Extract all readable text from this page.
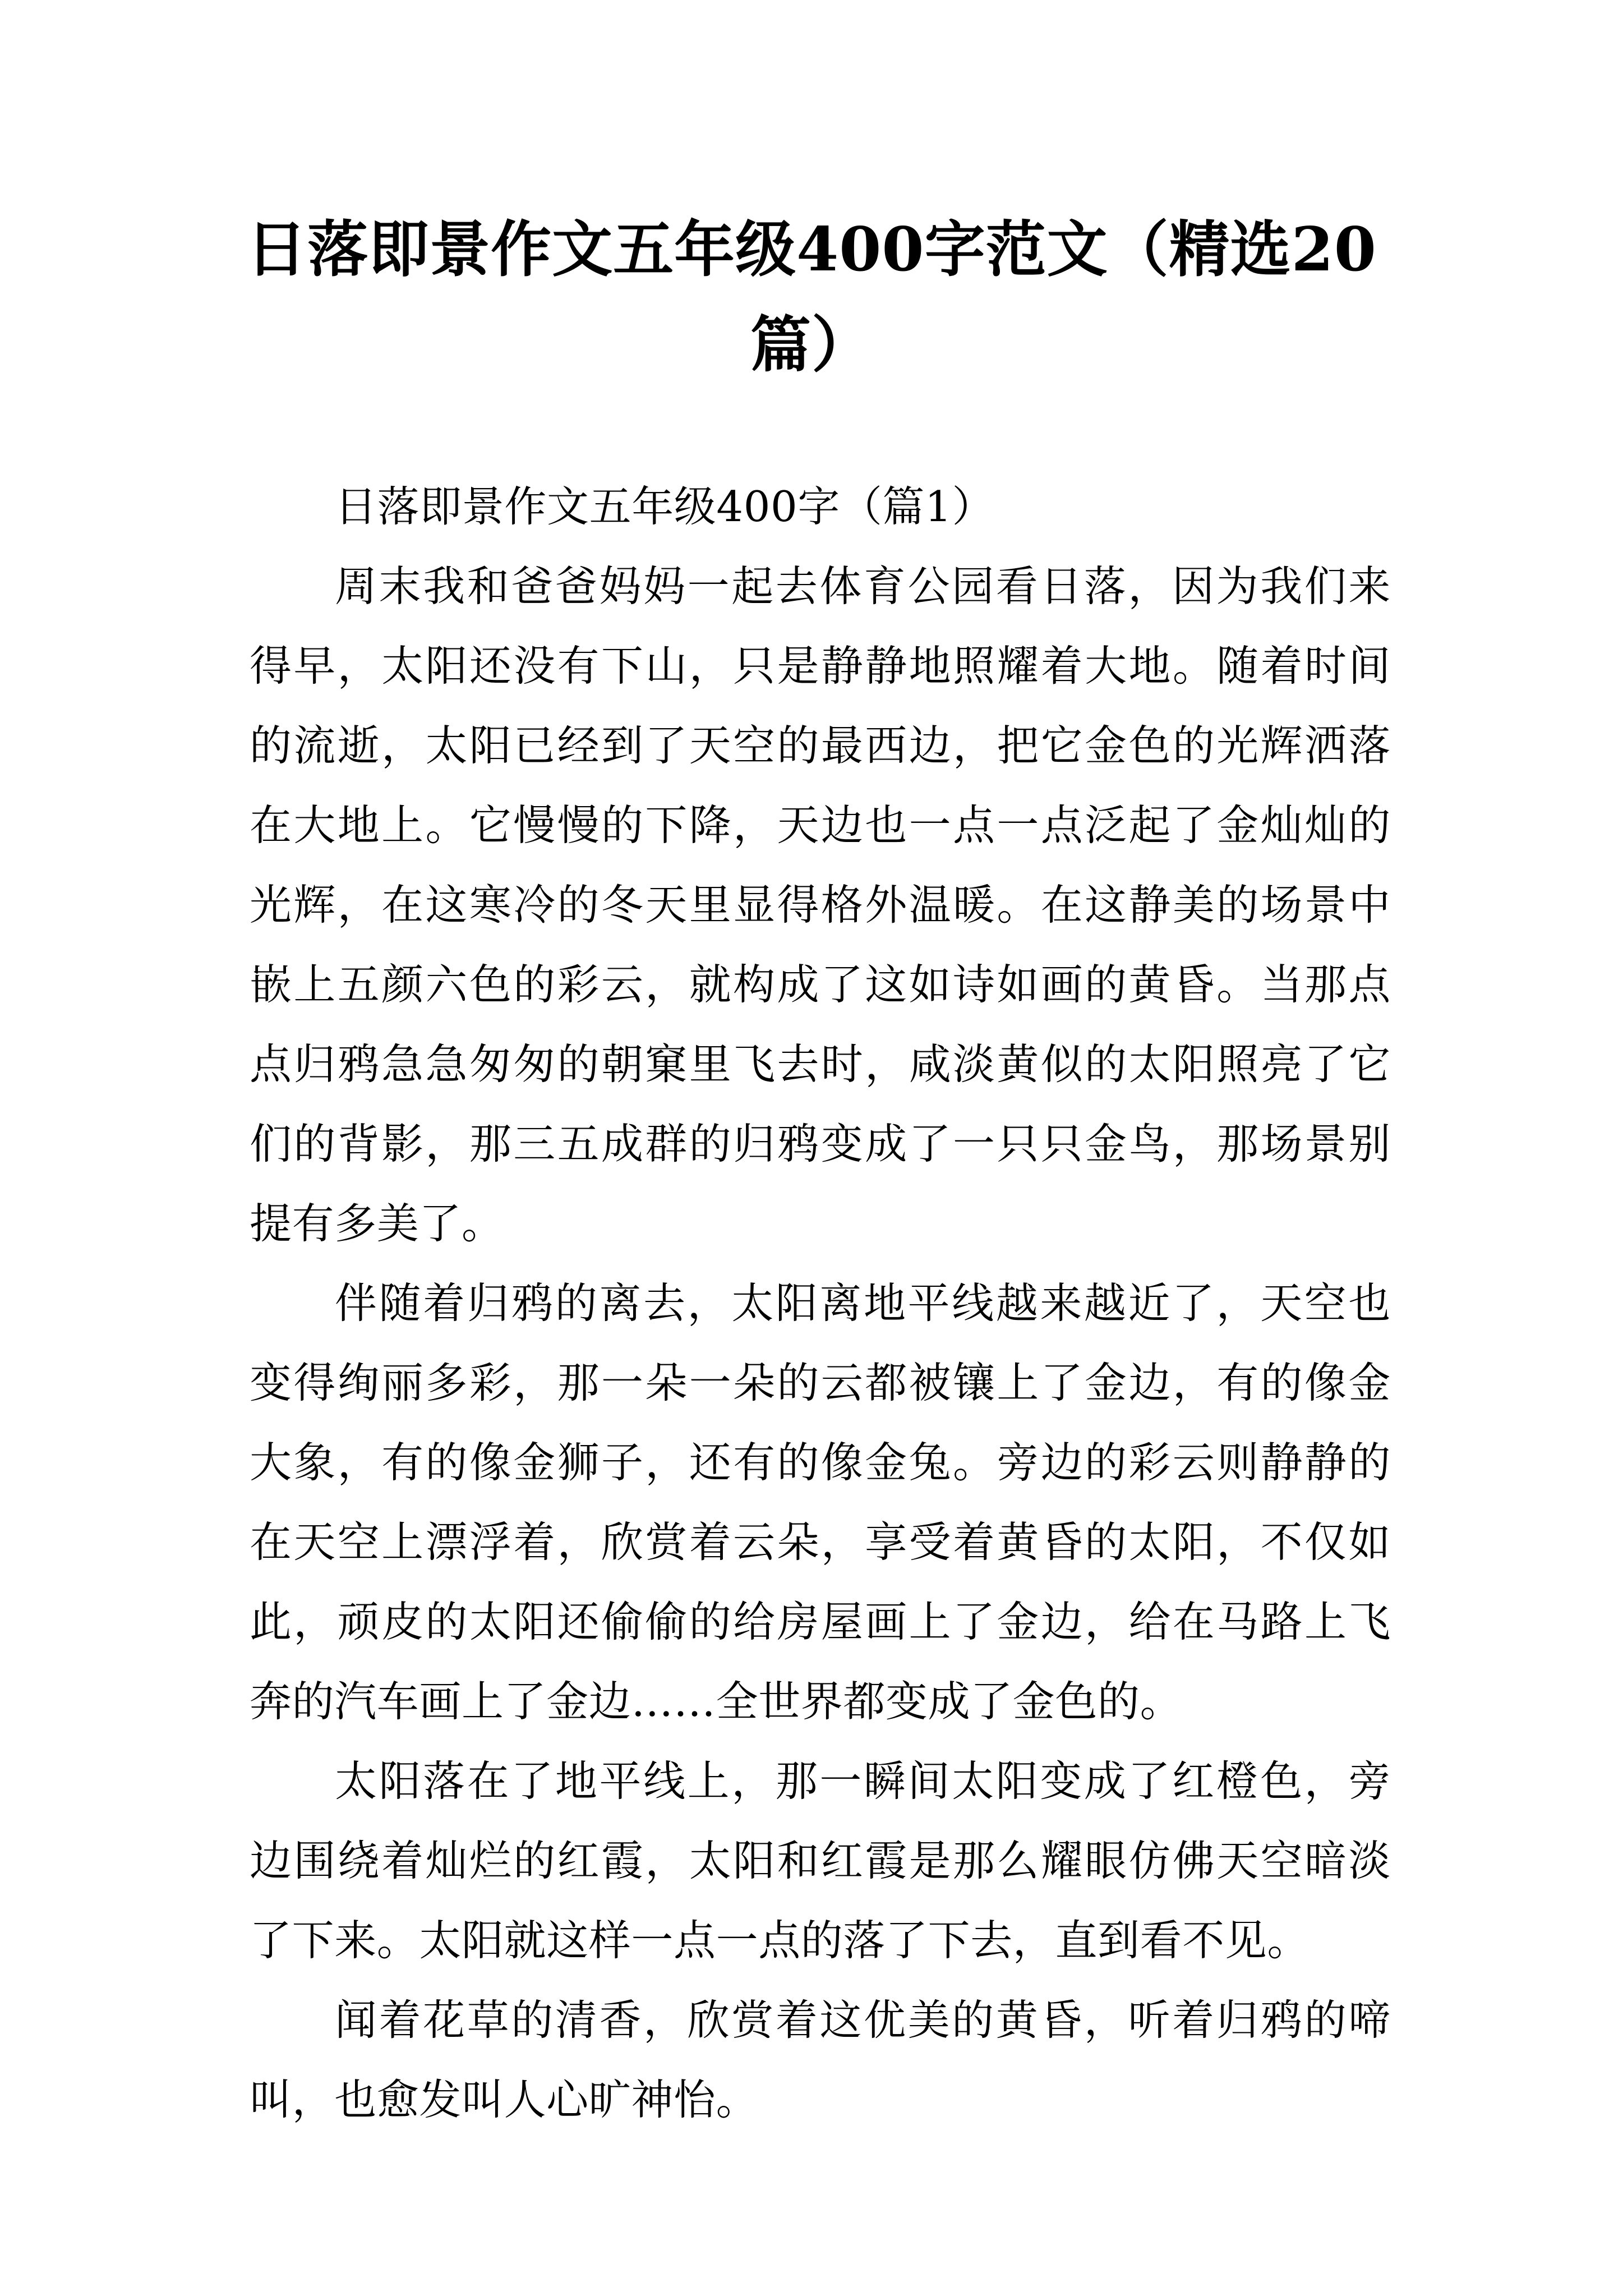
日落即景作文五年级400字范文（精选20篇）

日落即景作文五年级400字（篇1）

周末我和爸爸妈妈一起去体育公园看日落，因为我们来得早，太阳还没有下山，只是静静地照耀着大地。随着时间的流逝，太阳已经到了天空的最西边，把它金色的光辉洒落在大地上。它慢慢的下降，天边也一点一点泛起了金灿灿的光辉，在这寒冷的冬天里显得格外温暖。在这静美的场景中嵌上五颜六色的彩云，就构成了这如诗如画的黄昏。当那点点归鸦急急匆匆的朝窠里飞去时，咸淡黄似的太阳照亮了它们的背影，那三五成群的归鸦变成了一只只金鸟，那场景别提有多美了。

伴随着归鸦的离去，太阳离地平线越来越近了，天空也变得绚丽多彩，那一朵一朵的云都被镶上了金边，有的像金大象，有的像金狮子，还有的像金兔。旁边的彩云则静静的在天空上漂浮着，欣赏着云朵，享受着黄昏的太阳，不仅如此，顽皮的太阳还偷偷的给房屋画上了金边，给在马路上飞奔的汽车画上了金边……全世界都变成了金色的。

太阳落在了地平线上，那一瞬间太阳变成了红橙色，旁边围绕着灿烂的红霞，太阳和红霞是那么耀眼仿佛天空暗淡了下来。太阳就这样一点一点的落了下去，直到看不见。

闻着花草的清香，欣赏着这优美的黄昏，听着归鸦的啼叫，也愈发叫人心旷神怡。
